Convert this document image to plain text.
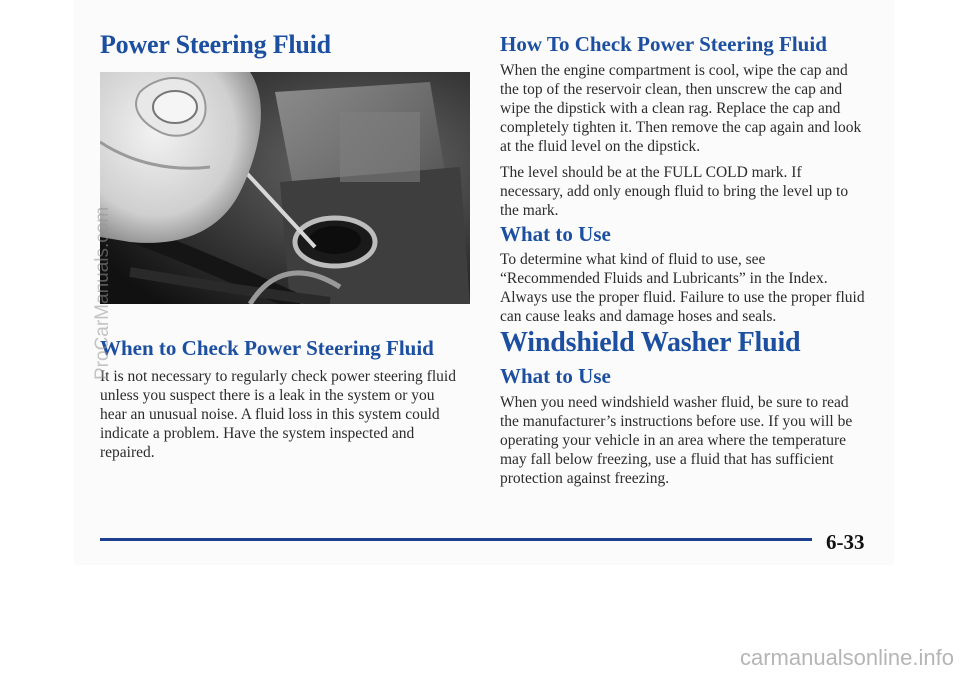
Power Steering Fluid
When to Check Power Steering Fluid

It is not necessary to regularly check power steering fluid unless you suspect there is a leak in the system or you hear an unusual noise. A fluid loss in this system could indicate a problem. Have the system inspected and repaired.

How To Check Power Steering Fluid

When the engine compartment is cool, wipe the cap and the top of the reservoir clean, then unscrew the cap and wipe the dipstick with a clean rag. Replace the cap and completely tighten it. Then remove the cap again and look at the fluid level on the dipstick.

The level should be at the FULL COLD mark. If necessary, add only enough fluid to bring the level up to the mark.

What to Use

To determine what kind of fluid to use, see “Recommended Fluids and Lubricants” in the Index. Always use the proper fluid. Failure to use the proper fluid can cause leaks and damage hoses and seals.

Windshield Washer Fluid
What to Use

When you need windshield washer fluid, be sure to read the manufacturer’s instructions before use. If you will be operating your vehicle in an area where the temperature may fall below freezing, use a fluid that has sufficient protection against freezing.

6-33
ProCarManuals.com
carmanualsonline.info
